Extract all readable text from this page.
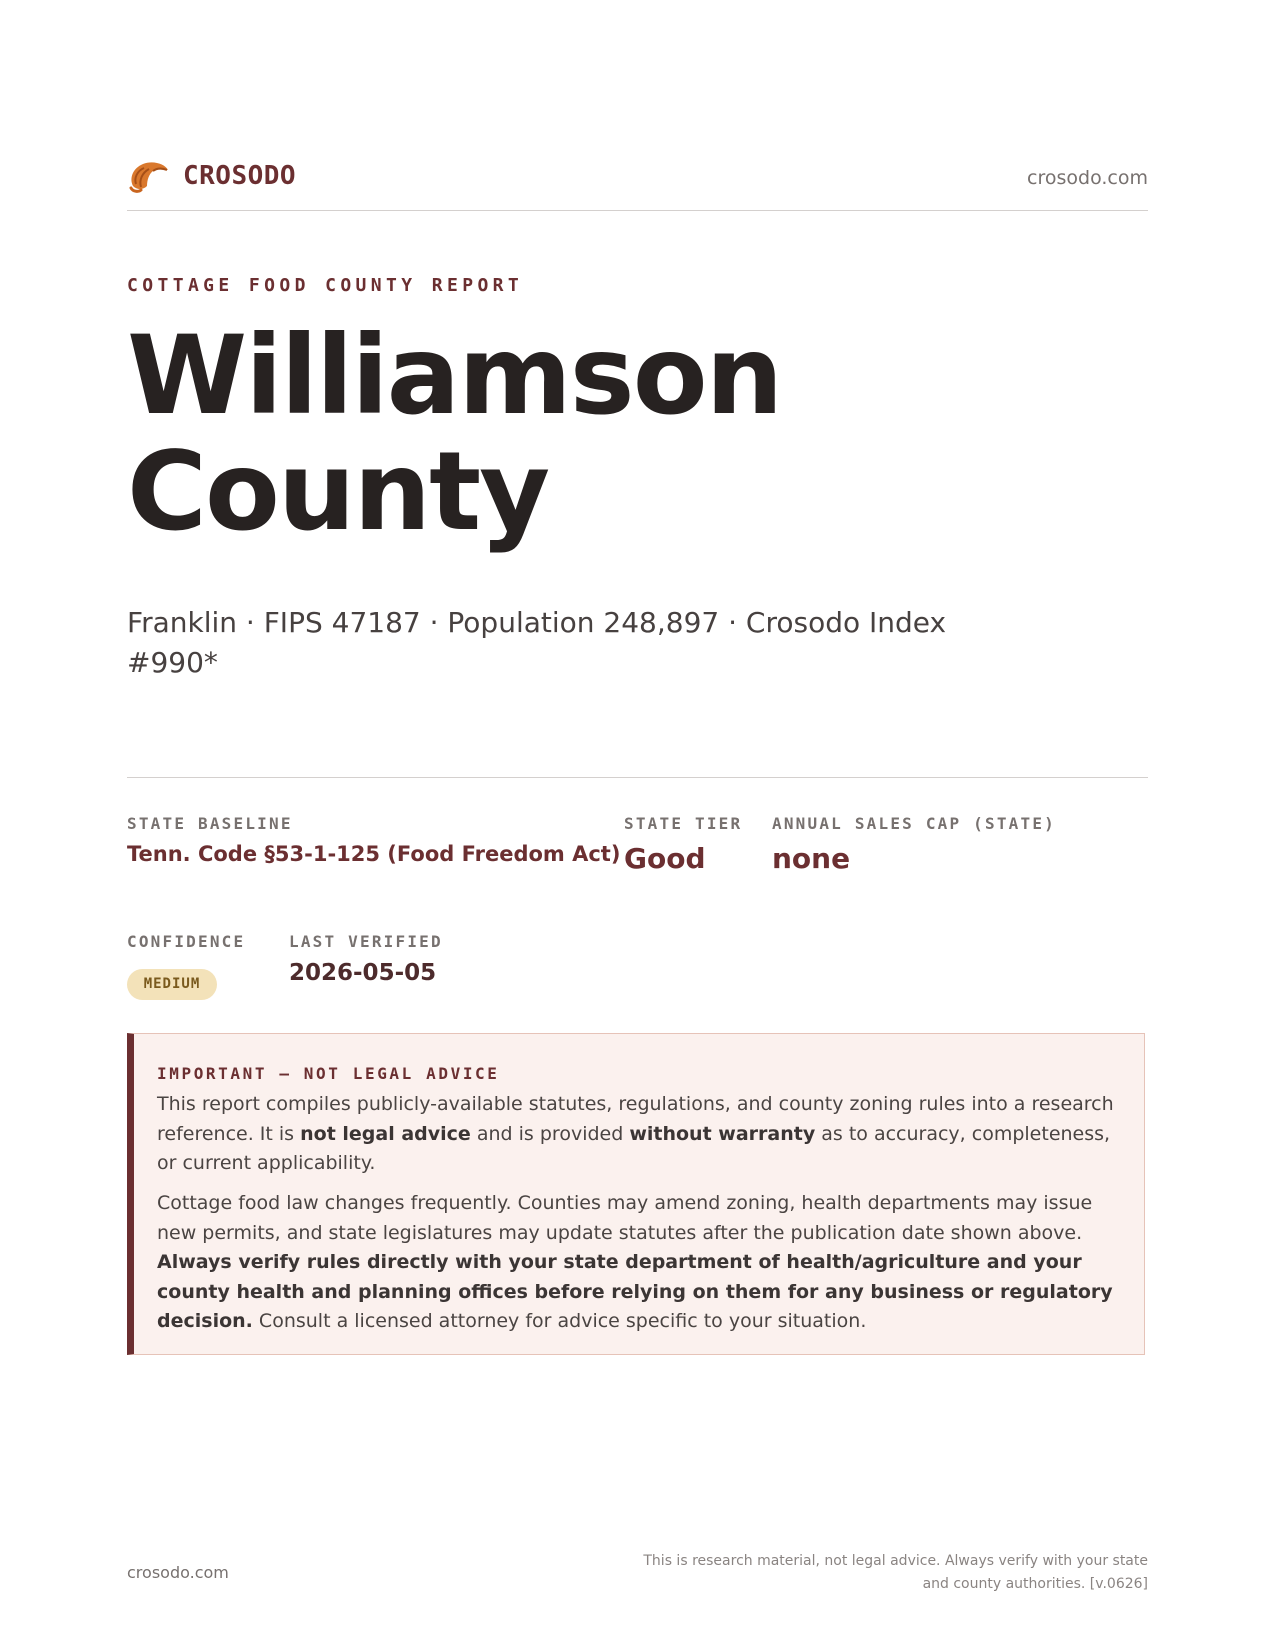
CROSODO	crosodo.com
COTTAGE FOOD COUNTY REPORT
Williamson
County
Franklin · FIPS 47187 · Population 248,897 · Crosodo Index #990*
STATE BASELINE
Tenn. Code §53-1-125 (Food Freedom Act)
STATE TIER
Good
ANNUAL SALES CAP (STATE)
none
CONFIDENCE
MEDIUM
LAST VERIFIED
2026-05-05
IMPORTANT — NOT LEGAL ADVICE

This report compiles publicly-available statutes, regulations, and county zoning rules into a research reference. It is not legal advice and is provided without warranty as to accuracy, completeness, or current applicability.

Cottage food law changes frequently. Counties may amend zoning, health departments may issue new permits, and state legislatures may update statutes after the publication date shown above. Always verify rules directly with your state department of health/agriculture and your county health and planning offices before relying on them for any business or regulatory decision. Consult a licensed attorney for advice specific to your situation.

crosodo.com
This is research material, not legal advice. Always verify with your state and county authorities. [v.0626]
